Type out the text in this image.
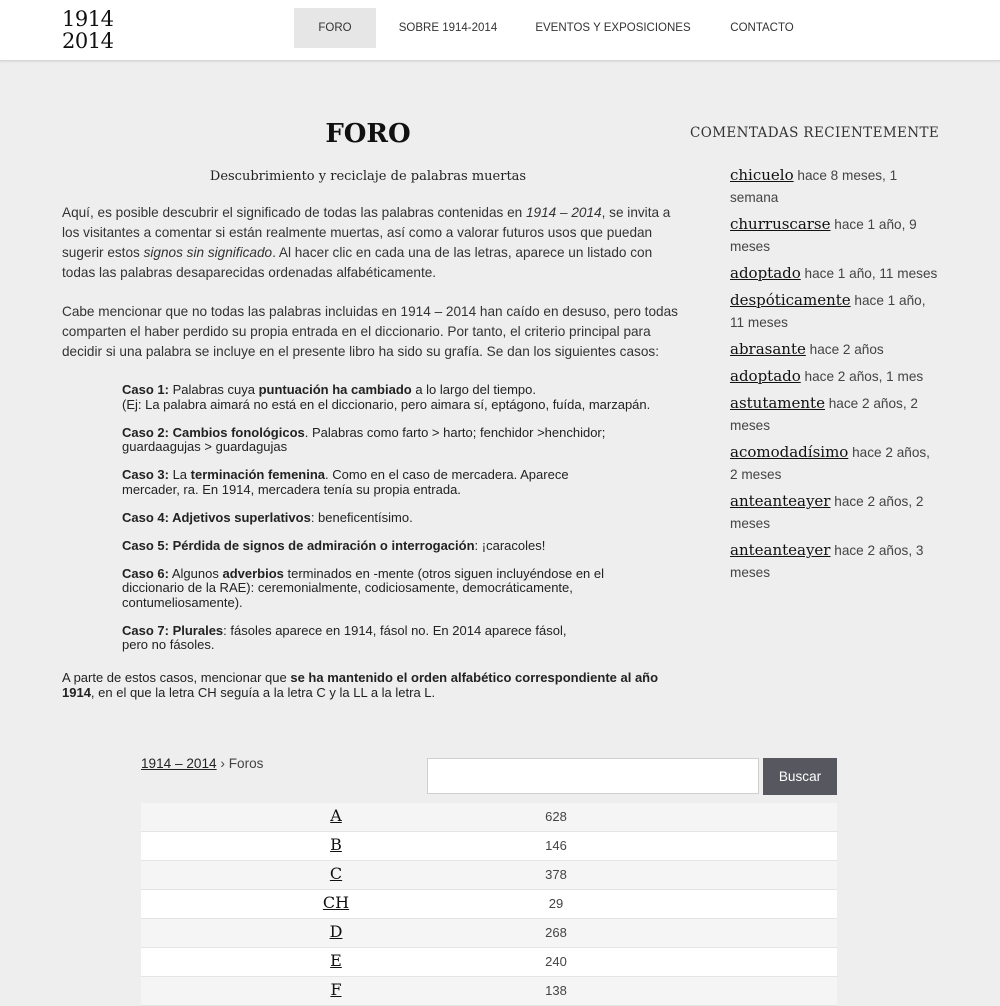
1914
2014
FORO	SOBRE 1914-2014	EVENTOS Y EXPOSICIONES	CONTACTO
FORO
Descubrimiento y reciclaje de palabras muertas
Aquí, es posible descubrir el significado de todas las palabras contenidas en 1914 – 2014, se invita a los visitantes a comentar si están realmente muertas, así como a valorar futuros usos que puedan sugerir estos signos sin significado. Al hacer clic en cada una de las letras, aparece un listado con todas las palabras desaparecidas ordenadas alfabéticamente.
Cabe mencionar que no todas las palabras incluidas en 1914 – 2014 han caído en desuso, pero todas comparten el haber perdido su propia entrada en el diccionario. Por tanto, el criterio principal para decidir si una palabra se incluye en el presente libro ha sido su grafía. Se dan los siguientes casos:
Caso 1: Palabras cuya puntuación ha cambiado a lo largo del tiempo.
(Ej: La palabra aimará no está en el diccionario, pero aimara sí, eptágono, fuída, marzapán.
Caso 2: Cambios fonológicos. Palabras como farto > harto; fenchidor >henchidor;
guardaagujas > guardagujas
Caso 3: La terminación femenina. Como en el caso de mercadera. Aparece
mercader, ra. En 1914, mercadera tenía su propia entrada.
Caso 4: Adjetivos superlativos: beneficentísimo.
Caso 5: Pérdida de signos de admiración o interrogación: ¡caracoles!
Caso 6: Algunos adverbios terminados en -mente (otros siguen incluyéndose en el diccionario de la RAE): ceremonialmente, codiciosamente, democráticamente, contumeliosamente).
Caso 7: Plurales: fásoles aparece en 1914, fásol no. En 2014 aparece fásol,
pero no fásoles.
A parte de estos casos, mencionar que se ha mantenido el orden alfabético correspondiente al año 1914, en el que la letra CH seguía a la letra C y la LL a la letra L.
COMENTADAS RECIENTEMENTE
chicuelo hace 8 meses, 1 semana
churruscarse hace 1 año, 9 meses
adoptado hace 1 año, 11 meses
despóticamente hace 1 año, 11 meses
abrasante hace 2 años
adoptado hace 2 años, 1 mes
astutamente hace 2 años, 2 meses
acomodadísimo hace 2 años, 2 meses
anteanteayer hace 2 años, 2 meses
anteanteayer hace 2 años, 3 meses
1914 – 2014 › Foros
Buscar
A	628
B	146
C	378
CH	29
D	268
E	240
F	138
